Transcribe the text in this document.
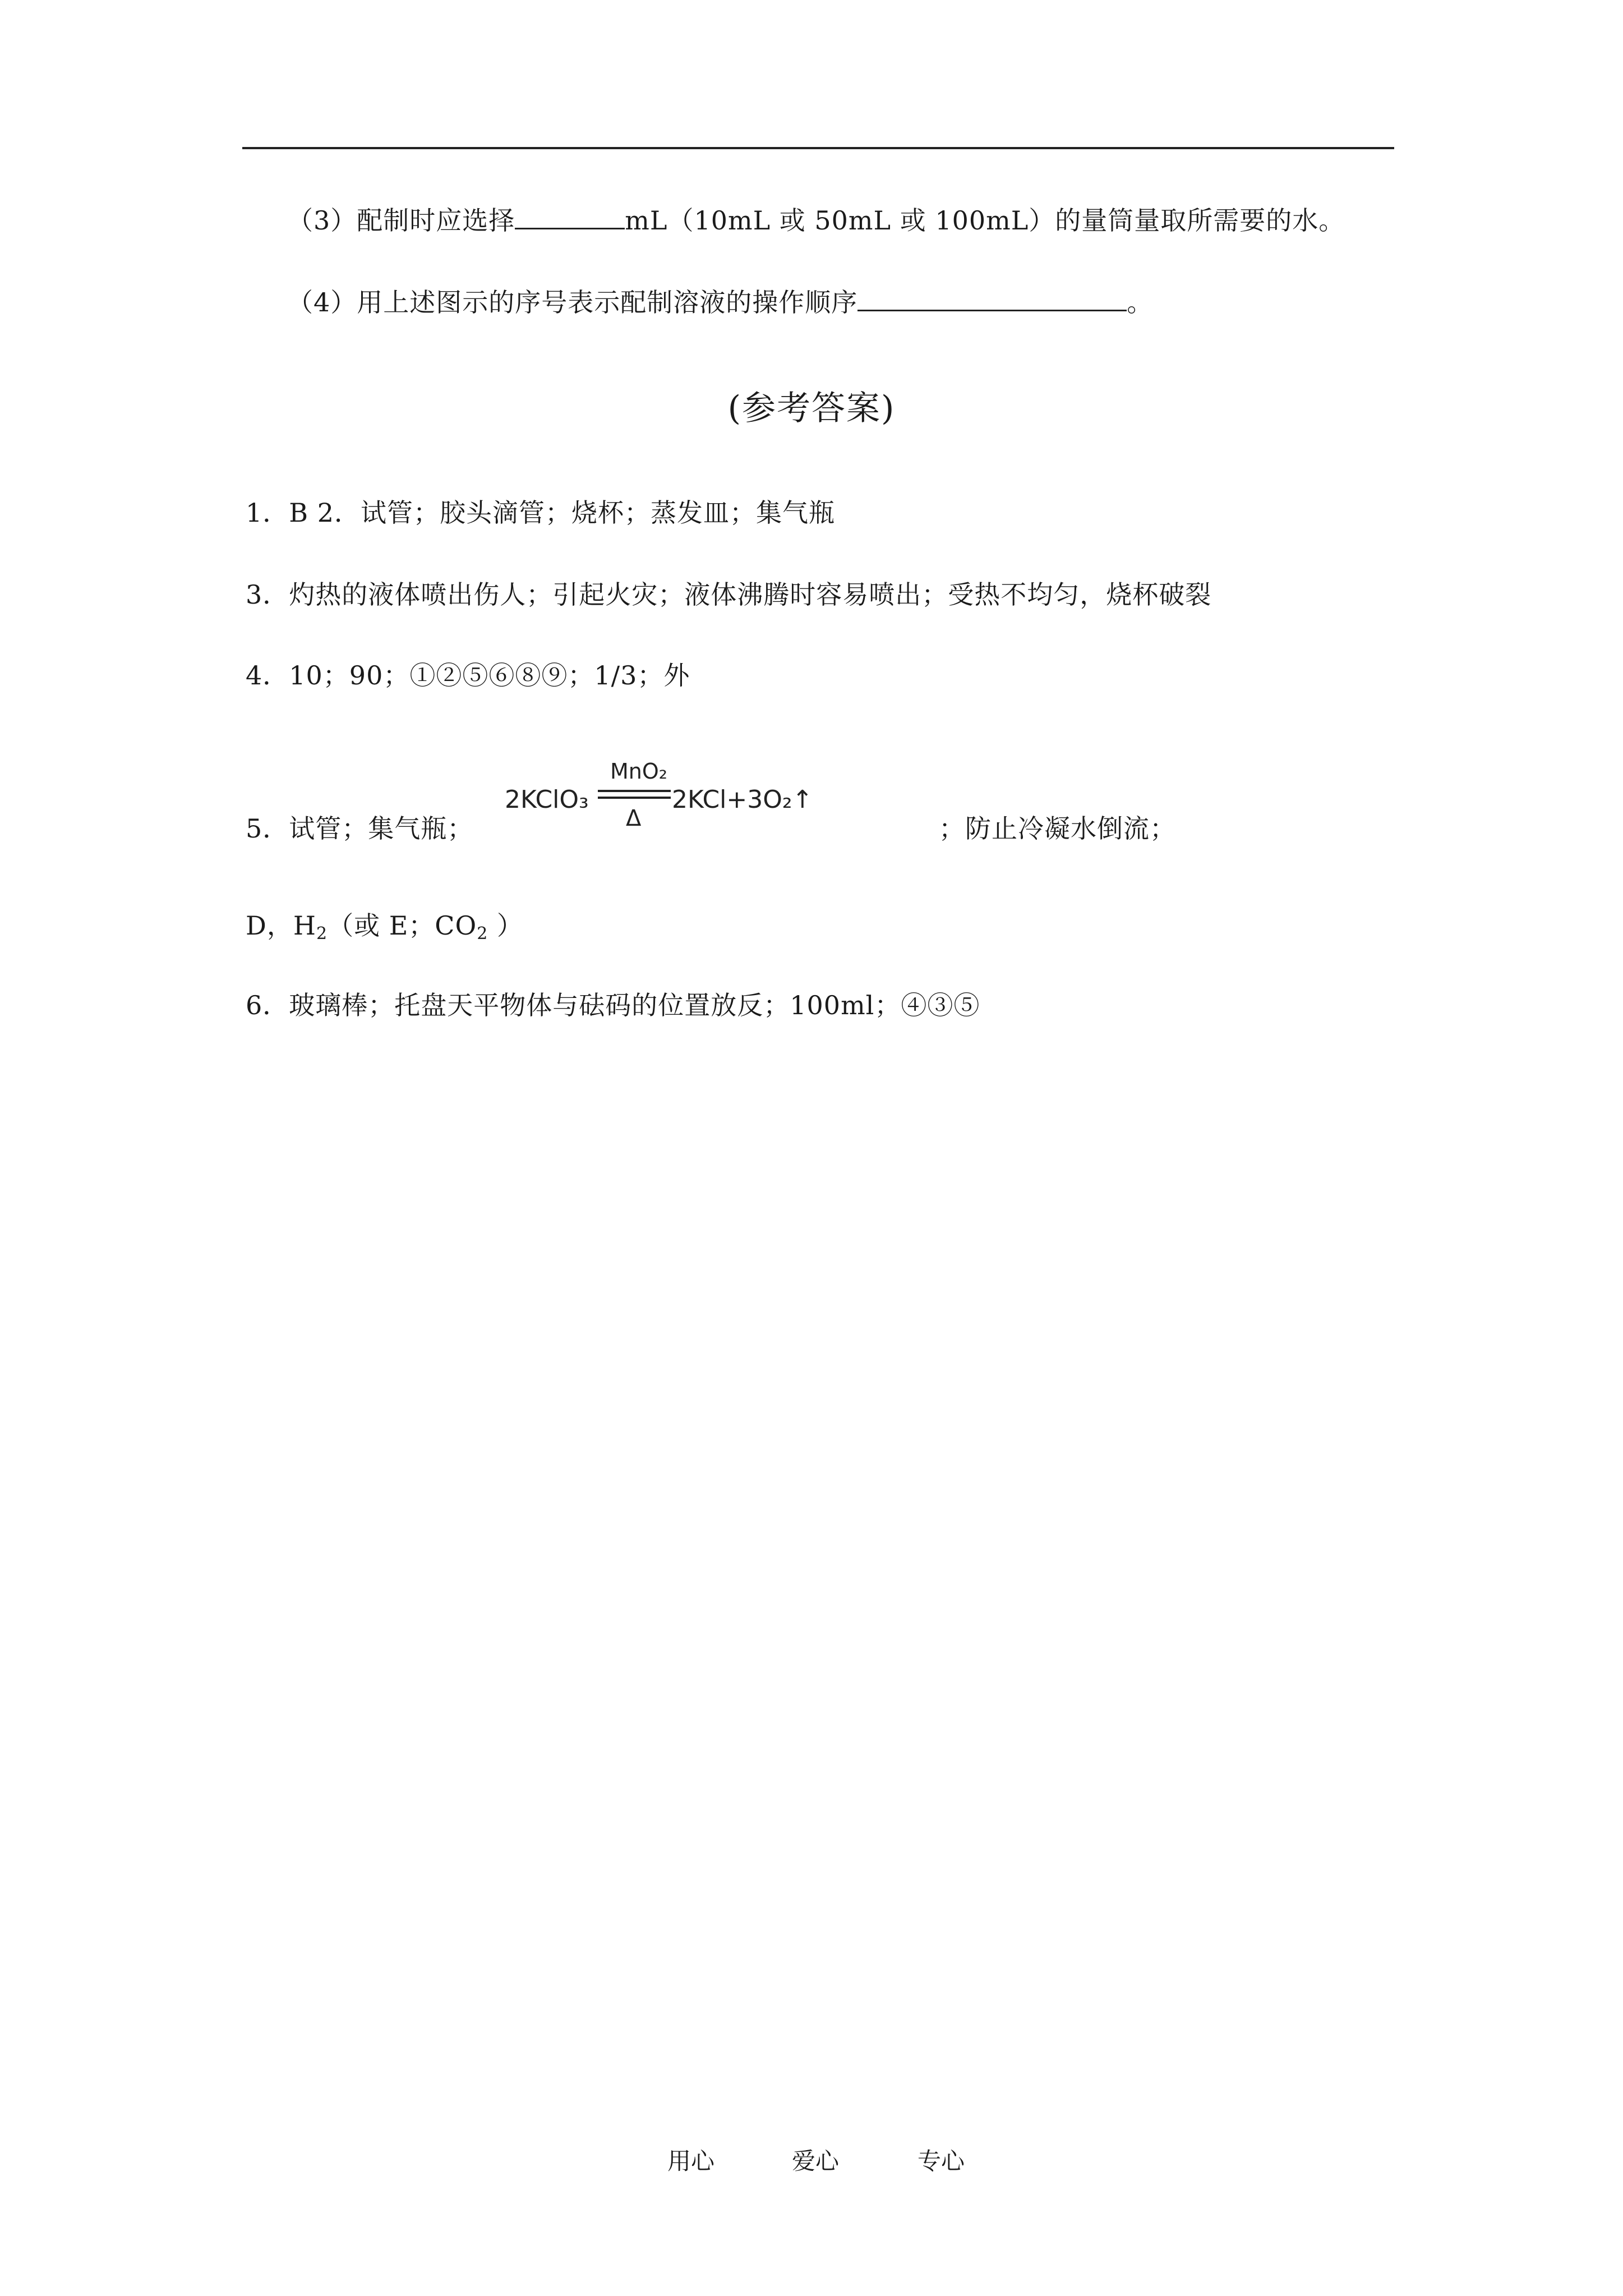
（3）配制时应选择	mL（10mL 或 50mL 或 100mL）的量筒量取所需要的水。
（4）用上述图示的序号表示配制溶液的操作顺序	。
(参考答案)
1．B 2．试管；胶头滴管；烧杯；蒸发皿；集气瓶
3．灼热的液体喷出伤人；引起火灾；液体沸腾时容易喷出；受热不均匀，烧杯破裂
4．10；90；①②⑤⑥⑧⑨；1/3；外
5．试管；集气瓶；
MnO₂
Δ
2KClO₃	2KCl+3O₂↑
；防止冷凝水倒流；
D，$H_2$（或 E；$CO_2$ ）
6．玻璃棒；托盘天平物体与砝码的位置放反；100ml；④③⑤
用心	爱心	专心
